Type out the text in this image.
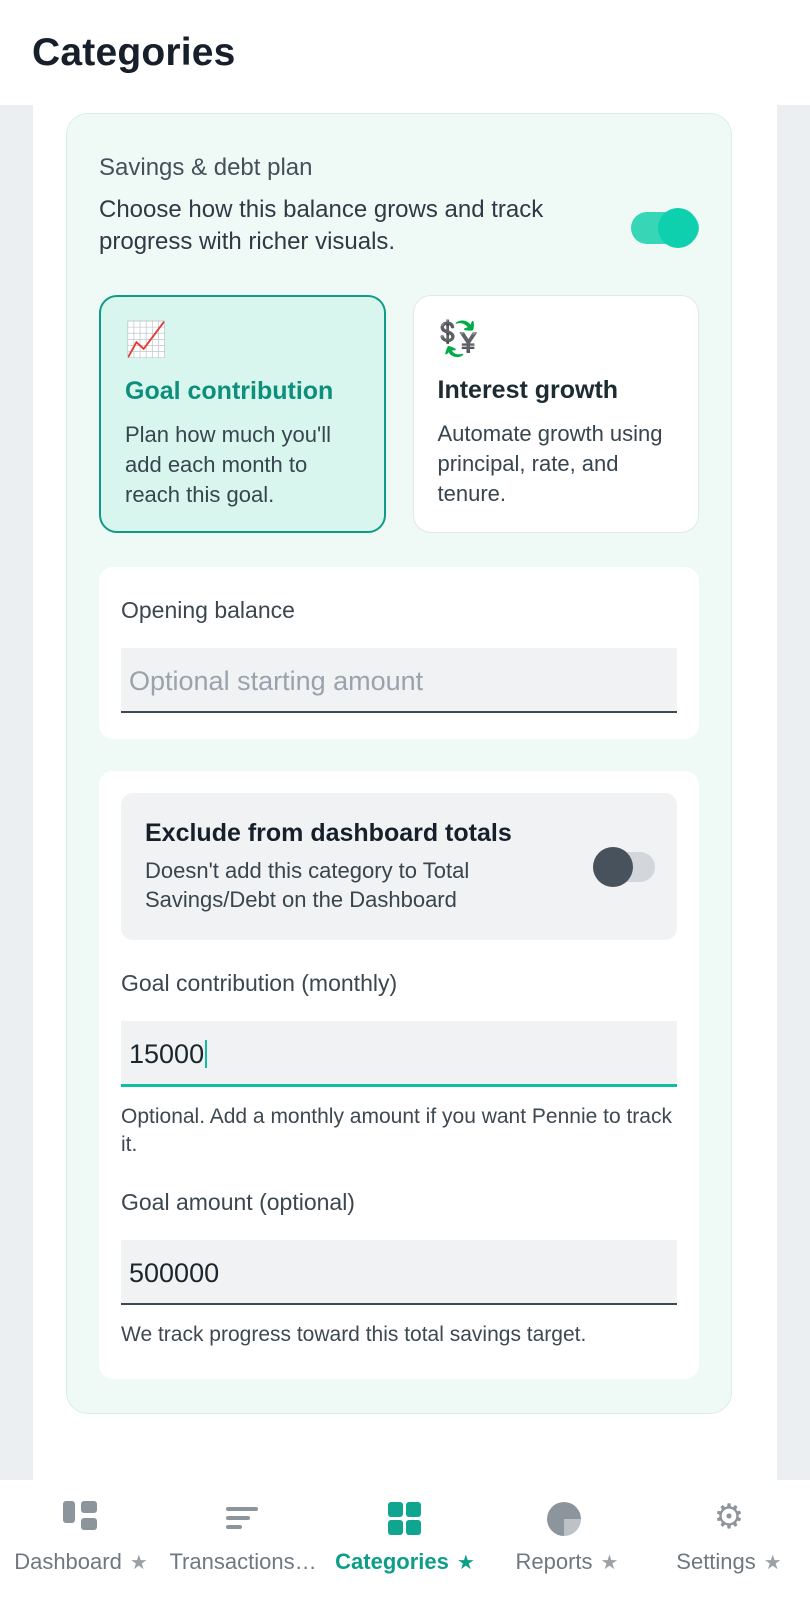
Categories
Savings & debt plan
Choose how this balance grows and track progress with richer visuals.
📈
Goal contribution
Plan how much you'll add each month to reach this goal.
💱
Interest growth
Automate growth using principal, rate, and tenure.
Opening balance
Optional starting amount
Exclude from dashboard totals
Doesn't add this category to Total Savings/Debt on the Dashboard
Goal contribution (monthly)
15000
Optional. Add a monthly amount if you want Pennie to track it.
Goal amount (optional)
500000
We track progress toward this total savings target.
Dashboard ★ Transactions… Categories ★ Reports ★
⚙
Settings ★
